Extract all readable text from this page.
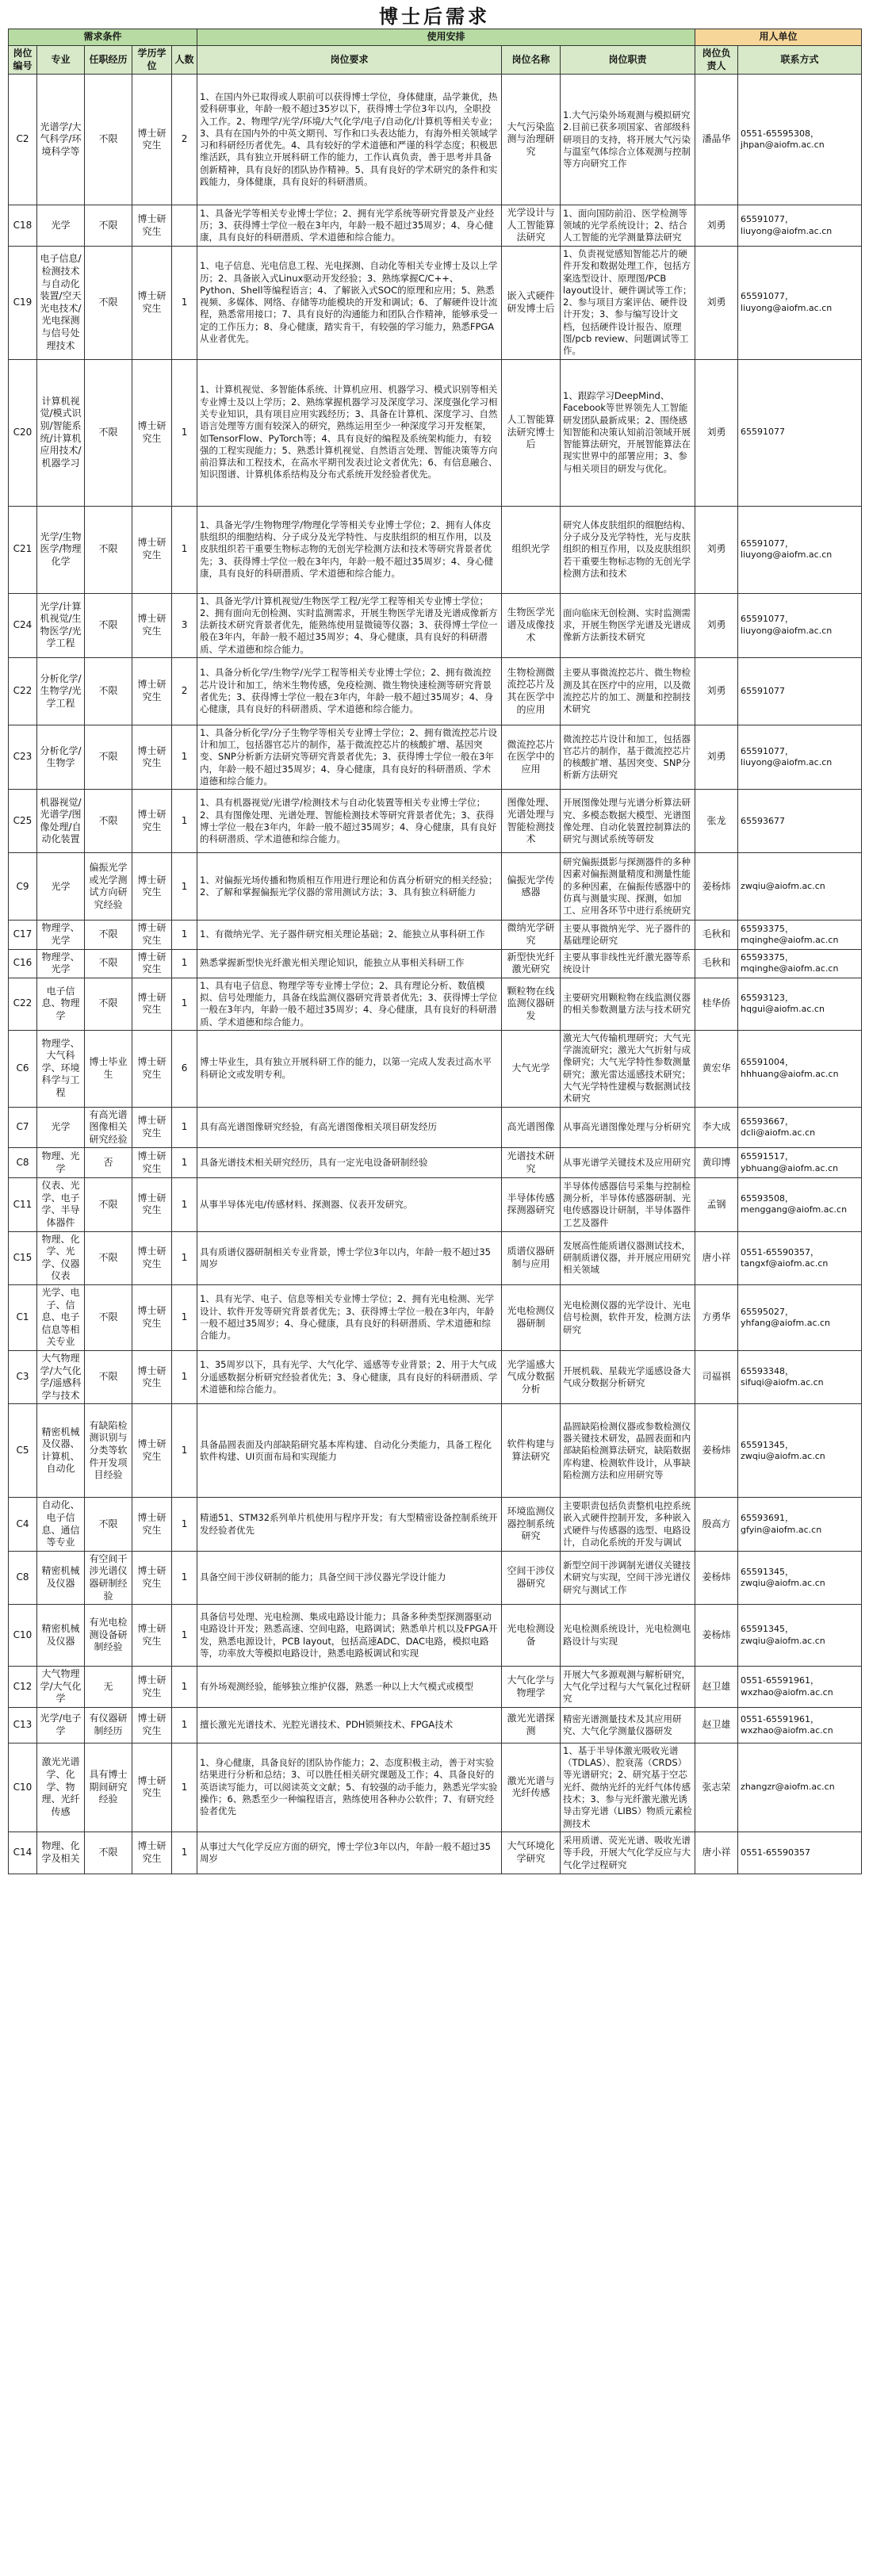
博士后需求
需求条件					使用安排			用人单位	
岗位编号	专业	任职经历	学历学位	人数	岗位要求	岗位名称	岗位职责	岗位负责人	联系方式
C2	光谱学/大气科学/环境科学等	不限	博士研究生	2	1、在国内外已取得或人职前可以获得博士学位，身体健康，品学兼优，热爱科研事业，年龄一般不超过35岁以下，获得博士学位3年以内，全职投入工作。2、物理学/光学/环境/大气化学/电子/自动化/计算机等相关专业；3、具有在国内外的中英文期刊、写作和口头表达能力，有海外相关领域学习和科研经历者优先。4、具有较好的学术道德和严谨的科学态度；积极思维活跃，具有独立开展科研工作的能力，工作认真负责，善于思考并具备创新精神，具有良好的团队协作精神。5、具有良好的学术研究的条件和实践能力，身体健康，具有良好的科研潜质。	大气污染监测与治理研究	1.大气污染外场观测与模拟研究 2.目前已获多项国家、省部级科研项目的支持，将开展大气污染与温室气体综合立体观测与控制等方向研究工作	潘晶华	0551-65595308，jhpan@aiofm.ac.cn
C18	光学	不限	博士研究生		1、具备光学等相关专业博士学位；2、拥有光学系统等研究背景及产业经历；3、获得博士学位一般在3年内，年龄一般不超过35周岁；4、身心健康，具有良好的科研潜质、学术道德和综合能力。	光学设计与人工智能算法研究	1、面向国防前沿、医学检测等领域的光学系统设计；2、结合人工智能的光学测量算法研究	刘勇	65591077，liuyong@aiofm.ac.cn
C19	电子信息/检测技术与自动化装置/空天光电技术/光电探测与信号处理技术	不限	博士研究生	1	1、电子信息、光电信息工程、光电探测、自动化等相关专业博士及以上学历；2、具备嵌入式Linux驱动开发经验；3、熟练掌握C/C++、Python、Shell等编程语言；4、了解嵌入式SOC的原理和应用；5、熟悉视频、多媒体、网络、存储等功能模块的开发和调试；6、了解硬件设计流程，熟悉常用接口；7、具有良好的沟通能力和团队合作精神，能够承受一定的工作压力；8、身心健康，踏实肯干，有较强的学习能力，熟悉FPGA从业者优先。	嵌入式硬件研发博士后	1、负责视觉感知智能芯片的硬件开发和数据处理工作，包括方案选型设计、原理图/PCB layout设计、硬件调试等工作；2、参与项目方案评估、硬件设计开发；3、参与编写设计文档，包括硬件设计报告、原理图/pcb review、问题调试等工作。	刘勇	65591077，liuyong@aiofm.ac.cn
C20	计算机视觉/模式识别/智能系统/计算机应用技术/机器学习	不限	博士研究生	1	1、计算机视觉、多智能体系统、计算机应用、机器学习、模式识别等相关专业博士及以上学历；2、熟练掌握机器学习及深度学习、深度强化学习相关专业知识，具有项目应用实践经历；3、具备在计算机、深度学习、自然语言处理等方面有较深入的研究，熟练运用至少一种深度学习开发框架，如TensorFlow、PyTorch等；4、具有良好的编程及系统架构能力，有较强的工程实现能力；5、熟悉计算机视觉、自然语言处理、智能决策等方向前沿算法和工程技术，在高水平期刊发表过论文者优先；6、有信息融合、知识图谱、计算机体系结构及分布式系统开发经验者优先。	人工智能算法研究博士后	1、跟踪学习DeepMind、Facebook等世界领先人工智能研发团队最新成果；2、围绕感知智能和决策认知前沿领域开展智能算法研究，开展智能算法在现实世界中的部署应用；3、参与相关项目的研发与优化。	刘勇	65591077
C21	光学/生物医学/物理化学	不限	博士研究生	1	1、具备光学/生物物理学/物理化学等相关专业博士学位；2、拥有人体皮肤组织的细胞结构、分子成分及光学特性、与皮肤组织的相互作用，以及皮肤组织若干重要生物标志物的无创光学检测方法和技术等研究背景者优先；3、获得博士学位一般在3年内，年龄一般不超过35周岁；4、身心健康，具有良好的科研潜质、学术道德和综合能力。	组织光学	研究人体皮肤组织的细胞结构、分子成分及光学特性，光与皮肤组织的相互作用，以及皮肤组织若干重要生物标志物的无创光学检测方法和技术	刘勇	65591077，liuyong@aiofm.ac.cn
C24	光学/计算机视觉/生物医学/光学工程	不限	博士研究生	3	1、具备光学/计算机视觉/生物医学工程/光学工程等相关专业博士学位；2、拥有面向无创检测、实时监测需求，开展生物医学光谱及光谱成像新方法新技术研究背景者优先，能熟练使用显微镜等仪器；3、获得博士学位一般在3年内，年龄一般不超过35周岁；4、身心健康，具有良好的科研潜质、学术道德和综合能力。	生物医学光谱及成像技术	面向临床无创检测、实时监测需求，开展生物医学光谱及光谱成像新方法新技术研究	刘勇	65591077，liuyong@aiofm.ac.cn
C22	分析化学/生物学/光学工程	不限	博士研究生	2	1、具备分析化学/生物学/光学工程等相关专业博士学位；2、拥有微流控芯片设计和加工，纳米生物传感，免疫检测、微生物快速检测等研究背景者优先；3、获得博士学位一般在3年内，年龄一般不超过35周岁；4、身心健康，具有良好的科研潜质、学术道德和综合能力。	生物检测微流控芯片及其在医学中的应用	主要从事微流控芯片、微生物检测及其在医疗中的应用，以及微流控芯片的加工、测量和控制技术研究	刘勇	65591077
C23	分析化学/生物学	不限	博士研究生	1	1、具备分析化学/分子生物学等相关专业博士学位；2、拥有微流控芯片设计和加工，包括器官芯片的制作，基于微流控芯片的核酸扩增、基因突变、SNP分析新方法研究等研究背景者优先；3、获得博士学位一般在3年内，年龄一般不超过35周岁；4、身心健康，具有良好的科研潜质、学术道德和综合能力。	微流控芯片在医学中的应用	微流控芯片设计和加工，包括器官芯片的制作，基于微流控芯片的核酸扩增、基因突变、SNP分析新方法研究	刘勇	65591077，liuyong@aiofm.ac.cn
C25	机器视觉/光谱学/图像处理/自动化装置	不限	博士研究生	1	1、具有机器视觉/光谱学/检测技术与自动化装置等相关专业博士学位；2、具有图像处理、光谱处理、智能检测技术等研究背景者优先；3、获得博士学位一般在3年内，年龄一般不超过35周岁；4、身心健康，具有良好的科研潜质、学术道德和综合能力。	图像处理、光谱处理与智能检测技术	开展图像处理与光谱分析算法研究、多模态数据大模型、光谱图像处理、自动化装置控制算法的研究与测试系统等研发	张龙	65593677
C9	光学	偏振光学或光学测试方向研究经验	博士研究生	1	1、对偏振光场传播和物质相互作用进行理论和仿真分析研究的相关经验；2、了解和掌握偏振光学仪器的常用测试方法；3、具有独立科研能力	偏振光学传感器	研究偏振摄影与探测器件的多种因素对偏振测量精度和测量性能的多种因素，在偏振传感器中的仿真与测量实现、探测，如加工、应用各环节中进行系统研究	姜杨炜	zwqiu@aiofm.ac.cn
C17	物理学、光学	不限	博士研究生	1	1、有微纳光学、光子器件研究相关理论基础；2、能独立从事科研工作	微纳光学研究	主要从事微纳光学、光子器件的基础理论研究	毛秋和	65593375，mqinghe@aiofm.ac.cn
C16	物理学、光学	不限	博士研究生	1	熟悉掌握新型快光纤激光相关理论知识，能独立从事相关科研工作	新型快光纤激光研究	主要从事非线性光纤激光器等系统设计	毛秋和	65593375，mqinghe@aiofm.ac.cn
C22	电子信息、物理学	不限	博士研究生	1	1、具有电子信息、物理学等专业博士学位；2、具有理论分析、数值模拟、信号处理能力，具备在线监测仪器研究背景者优先；3、获得博士学位一般在3年内，年龄一般不超过35周岁；4、身心健康，具有良好的科研潜质、学术道德和综合能力。	颗粒物在线监测仪器研发	主要研究用颗粒物在线监测仪器的相关参数测量方法与技术研究	桂华侨	65593123，hqgui@aiofm.ac.cn
C6	物理学、大气科学、环境科学与工程	博士毕业生	博士研究生	6	博士毕业生，具有独立开展科研工作的能力，以第一完成人发表过高水平科研论文或发明专利。	大气光学	激光大气传输机理研究；大气光学湍流研究；激光大气折射与成像研究；大气光学特性参数测量研究；激光雷达遥感技术研究；大气光学特性建模与数据测试技术研究	黄宏华	65591004，hhhuang@aiofm.ac.cn
C7	光学	有高光谱图像相关研究经验	博士研究生	1	具有高光谱图像研究经验，有高光谱图像相关项目研发经历	高光谱图像	从事高光谱图像处理与分析研究	李大成	65593667，dcli@aiofm.ac.cn
C8	物理、光学	否	博士研究生	1	具备光谱技术相关研究经历，具有一定光电设备研制经验	光谱技术研究	从事光谱学关键技术及应用研究	黄印博	65591517，ybhuang@aiofm.ac.cn
C11	仪表、光学、电子学、半导体器件	不限	博士研究生	1	从事半导体光电/传感材料、探测器、仪表开发研究。	半导体传感探测器研究	半导体传感器信号采集与控制检测分析，半导体传感器研制、光电传感器设计研制，半导体器件工艺及器件	孟钢	65593508，menggang@aiofm.ac.cn
C15	物理、化学、光学、仪器仪表	不限	博士研究生	1	具有质谱仪器研制相关专业背景，博士学位3年以内，年龄一般不超过35周岁	质谱仪器研制与应用	发展高性能质谱仪器测试技术，研制质谱仪器，并开展应用研究相关领域	唐小祥	0551-65590357，tangxf@aiofm.ac.cn
C1	光学、电子、信息、电子信息等相关专业	不限	博士研究生	1	1、具有光学、电子、信息等相关专业博士学位；2、拥有光电检测、光学设计、软件开发等研究背景者优先；3、获得博士学位一般在3年内，年龄一般不超过35周岁；4、身心健康，具有良好的科研潜质、学术道德和综合能力。	光电检测仪器研制	光电检测仪器的光学设计、光电信号检测，软件开发，检测方法研究	方勇华	65595027，yhfang@aiofm.ac.cn
C3	大气物理学/大气化学/遥感科学与技术	不限	博士研究生	1	1、35周岁以下，具有光学、大气化学、遥感等专业背景；2、用于大气成分遥感数据分析研究经验者优先；3、身心健康，具有良好的科研潜质、学术道德和综合能力。	光学遥感大气成分数据分析	开展机载、星载光学遥感设备大气成分数据分析研究	司福祺	65593348，sifuqi@aiofm.ac.cn
C5	精密机械及仪器、计算机、自动化	有缺陷检测识别与分类等软件开发项目经验	博士研究生	1	具备晶圆表面及内部缺陷研究基本库构建、自动化分类能力，具备工程化软件构建、UI页面布局和实现能力	软件构建与算法研究	晶圆缺陷检测仪器或参数检测仪器关键技术研发，晶圆表面和内部缺陷检测算法研究，缺陷数据库构建、检测软件设计，从事缺陷检测方法和应用研究等	姜杨炜	65591345，zwqiu@aiofm.ac.cn
C4	自动化、电子信息、通信等专业	不限	博士研究生	1	精通51、STM32系列单片机使用与程序开发；有大型精密设备控制系统开发经验者优先	环境监测仪器控制系统研究	主要职责包括负责整机电控系统嵌入式硬件控制开发，多种嵌入式硬件与传感器的选型、电路设计，自动化系统的开发与调试	殷高方	65593691，gfyin@aiofm.ac.cn
C8	精密机械及仪器	有空间干涉光谱仪器研制经验	博士研究生	1	具备空间干涉仪研制的能力；具备空间干涉仪器光学设计能力	空间干涉仪器研究	新型空间干涉调制光谱仪关键技术研究与实现，空间干涉光谱仪研究与测试工作	姜杨炜	65591345，zwqiu@aiofm.ac.cn
C10	精密机械及仪器	有光电检测设备研制经验	博士研究生	1	具备信号处理、光电检测、集成电路设计能力；具备多种类型探测器驱动电路设计开发；熟悉高速、空间电路，电路调试；熟悉单片机以及FPGA开发，熟悉电源设计，PCB layout，包括高速ADC、DAC电路，模拟电路等，功率放大等模拟电路设计，熟悉电路板调试和实现	光电检测设备	光电检测系统设计，光电检测电路设计与实现	姜杨炜	65591345，zwqiu@aiofm.ac.cn
C12	大气物理学/大气化学	无	博士研究生	1	有外场观测经验，能够独立维护仪器，熟悉一种以上大气模式或模型	大气化学与物理学	开展大气多源观测与解析研究，大气化学过程与大气氧化过程研究	赵卫雄	0551-65591961，wxzhao@aiofm.ac.cn
C13	光学/电子学	有仪器研制经历	博士研究生	1	擅长激光光谱技术、光腔光谱技术、PDH锁频技术、FPGA技术	激光光谱探测	精密光谱测量技术及其应用研究、大气化学测量仪器研发	赵卫雄	0551-65591961，wxzhao@aiofm.ac.cn
C10	激光光谱学、化学、物理、光纤传感	具有博士期间研究经验	博士研究生	1	1、身心健康，具备良好的团队协作能力；2、态度积极主动，善于对实验结果进行分析和总结；3、可以胜任相关研究课题及工作；4、具备良好的英语读写能力，可以阅读英文文献；5、有较强的动手能力，熟悉光学实验操作；6、熟悉至少一种编程语言，熟练使用各种办公软件；7、有研究经验者优先	激光光谱与光纤传感	1、基于半导体激光吸收光谱（TDLAS）、腔衰荡（CRDS）等光谱研究；2、研究基于空芯光纤、微纳光纤的光纤气体传感技术；3、参与光纤激光激光诱导击穿光谱（LIBS）物质元素检测技术	张志荣	zhangzr@aiofm.ac.cn
C14	物理、化学及相关	不限	博士研究生	1	从事过大气化学反应方面的研究，博士学位3年以内，年龄一般不超过35周岁	大气环境化学研究	采用质谱、荧光光谱、吸收光谱等手段，开展大气化学反应与大气化学过程研究	唐小祥	0551-65590357
